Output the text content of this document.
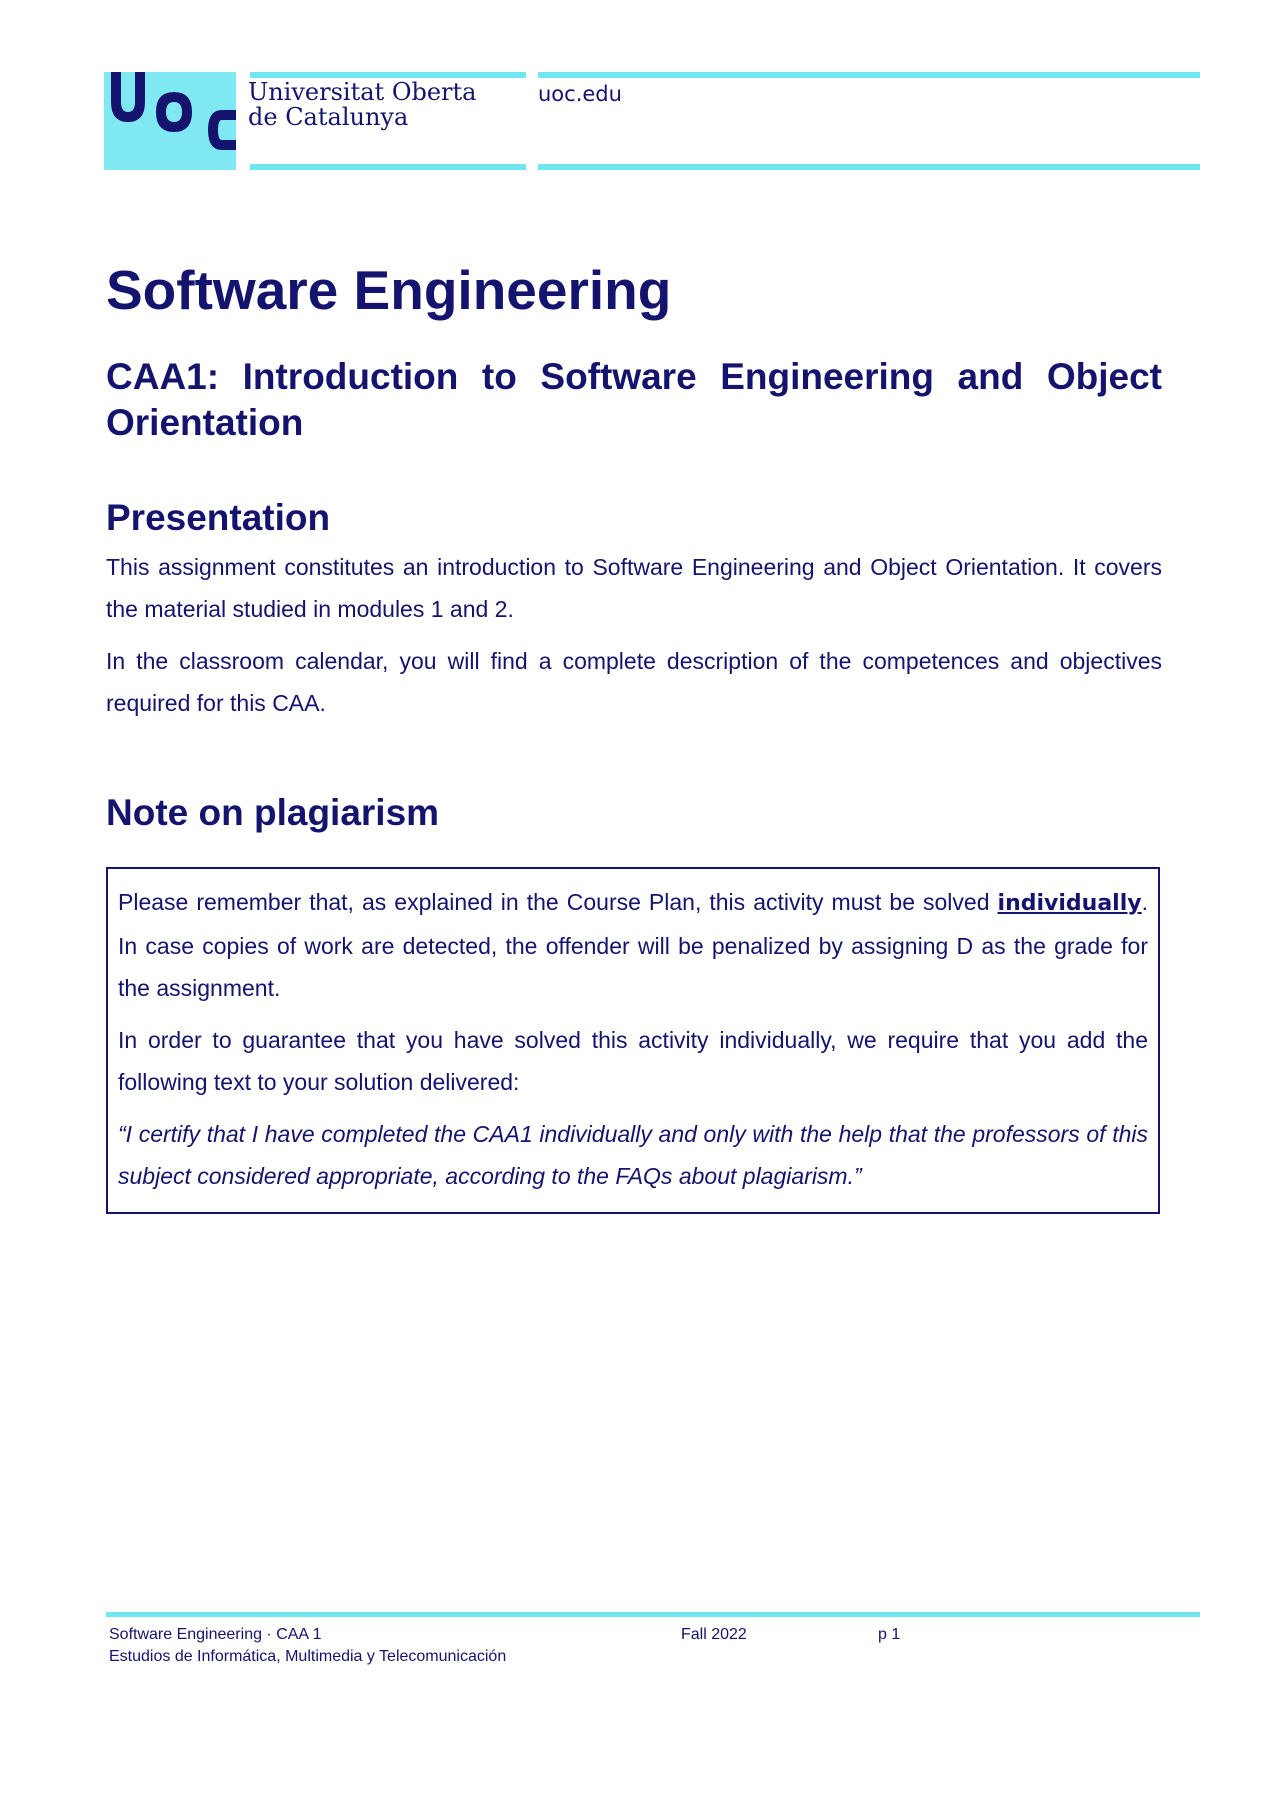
Universitat Oberta
de Catalunya
uoc.edu
Software Engineering
CAA1: Introduction to Software Engineering and Object Orientation
Presentation

This assignment constitutes an introduction to Software Engineering and Object Orientation. It covers the material studied in modules 1 and 2.

In the classroom calendar, you will find a complete description of the competences and objectives required for this CAA.

Note on plagiarism

Please remember that, as explained in the Course Plan, this activity must be solved individually. In case copies of work are detected, the offender will be penalized by assigning D as the grade for the assignment.

In order to guarantee that you have solved this activity individually, we require that you add the following text to your solution delivered:

“I certify that I have completed the CAA1 individually and only with the help that the professors of this subject considered appropriate, according to the FAQs about plagiarism.”

Software Engineering · CAA 1
Estudios de Informática, Multimedia y Telecomunicación
Fall 2022	p 1
